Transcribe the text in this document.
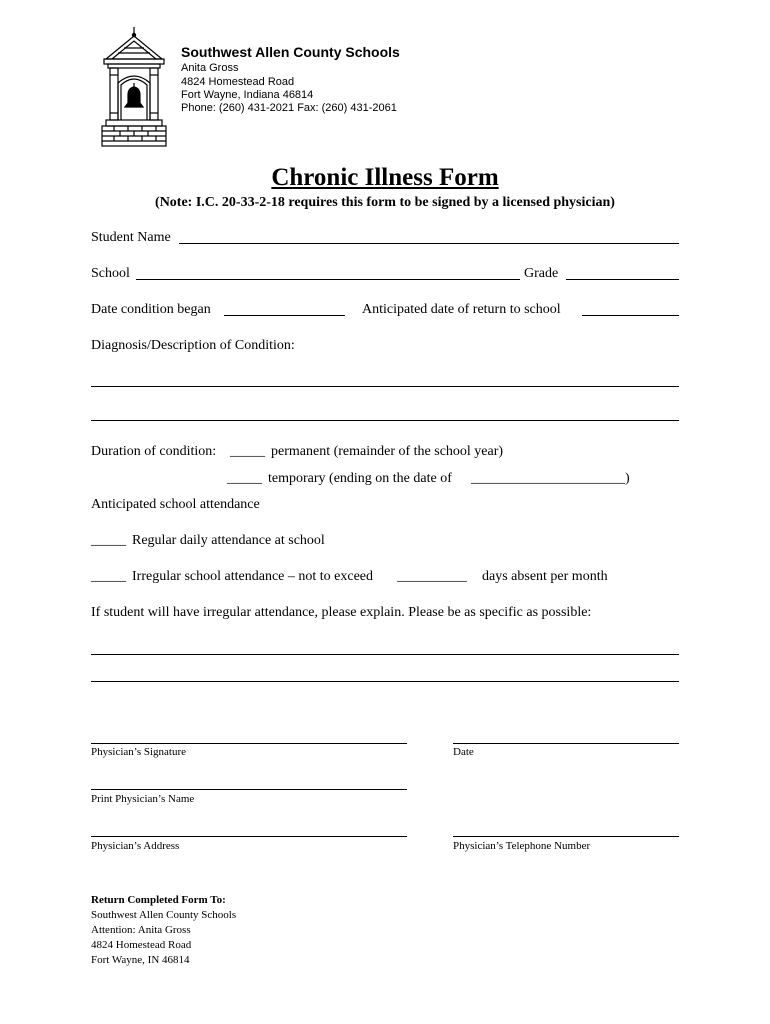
Southwest Allen County Schools
Anita Gross
4824 Homestead Road
Fort Wayne, Indiana 46814
Phone: (260) 431-2021 Fax: (260) 431-2061
Chronic Illness Form
(Note: I.C. 20-33-2-18 requires this form to be signed by a licensed physician)
Student Name
School	Grade
Date condition began	Anticipated date of return to school
Diagnosis/Description of Condition:
Duration of condition: _____ permanent (remainder of the school year)
_____ temporary (ending on the date of ______________________)
Anticipated school attendance
_____ Regular daily attendance at school
_____ Irregular school attendance – not to exceed __________ days absent per month
If student will have irregular attendance, please explain. Please be as specific as possible:
Physician’s Signature	Date
Print Physician’s Name
Physician’s Address	Physician’s Telephone Number
Return Completed Form To:
Southwest Allen County Schools
Attention: Anita Gross
4824 Homestead Road
Fort Wayne, IN 46814
